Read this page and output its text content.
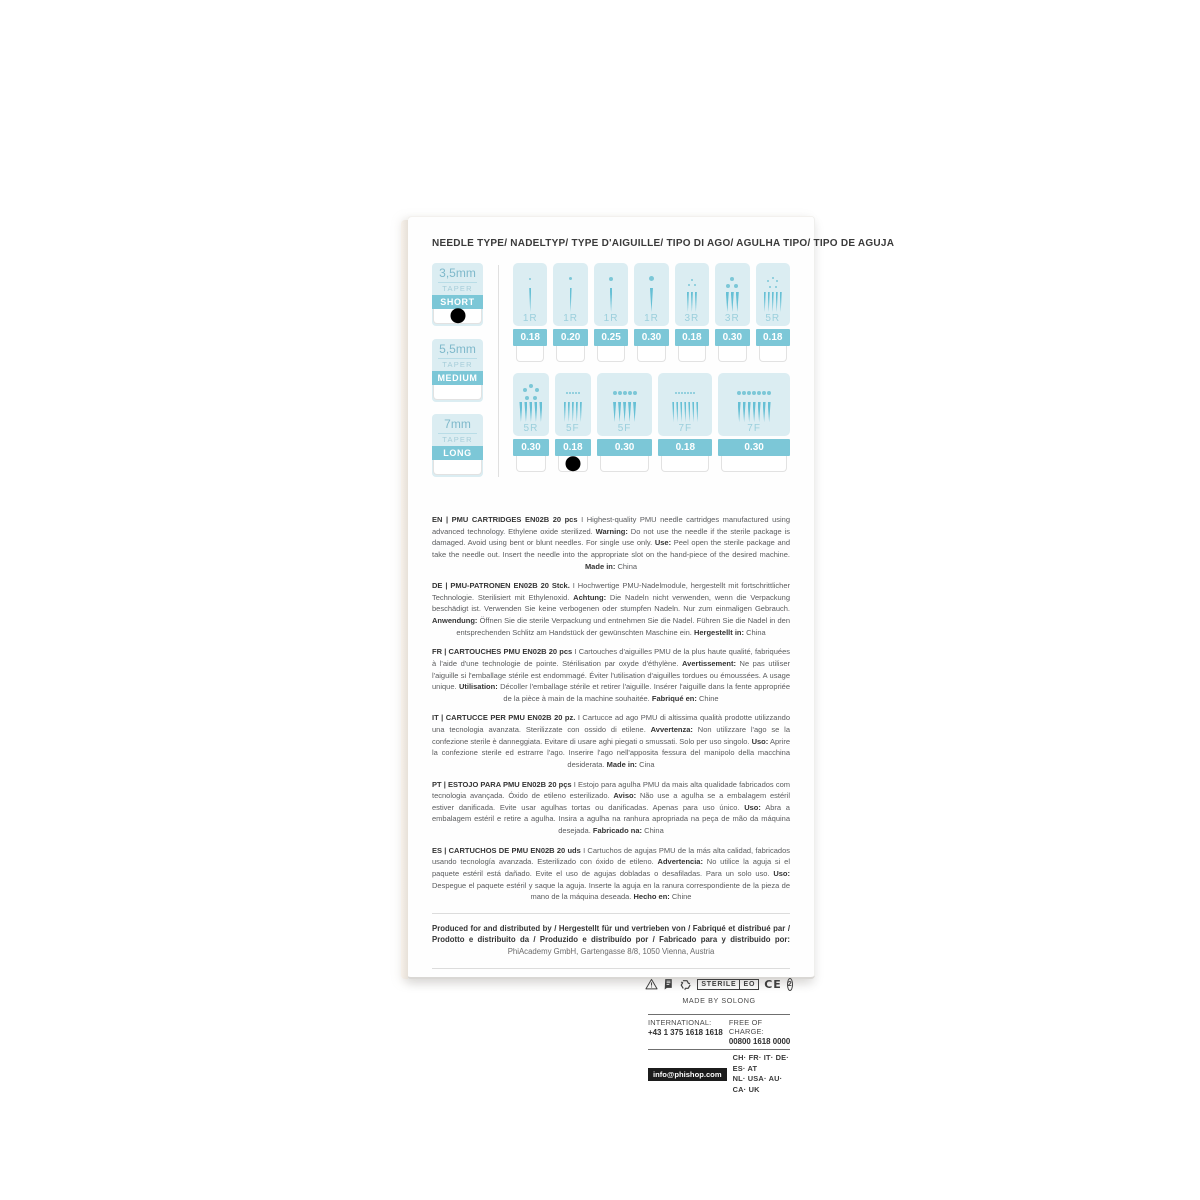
NEEDLE TYPE/ NADELTYP/ TYPE D'AIGUILLE/ TIPO DI AGO/ AGULHA TIPO/ TIPO DE AGUJA
3,5mm
TAPER
SHORT
5,5mm
TAPER
MEDIUM
7mm
TAPER
LONG
1R
0.18
1R
0.20
1R
0.25
1R
0.30
3R
0.18
3R
0.30
5R
0.18
5R
0.30
5F
0.18
5F
0.30
7F
0.18
7F
0.30

EN | PMU CARTRIDGES EN02B 20 pcs I Highest-quality PMU needle cartridges manufactured using advanced technology. Ethylene oxide sterilized. Warning: Do not use the needle if the sterile package is damaged. Avoid using bent or blunt needles. For single use only. Use: Peel open the sterile package and take the needle out. Insert the needle into the appropriate slot on the hand-piece of the desired machine. Made in: China

DE | PMU-PATRONEN EN02B 20 Stck. I Hochwertige PMU-Nadelmodule, hergestellt mit fortschrittlicher Technologie. Sterilisiert mit Ethylenoxid. Achtung: Die Nadeln nicht verwenden, wenn die Verpackung beschädigt ist. Verwenden Sie keine verbogenen oder stumpfen Nadeln. Nur zum einmaligen Gebrauch. Anwendung: Öffnen Sie die sterile Verpackung und entnehmen Sie die Nadel. Führen Sie die Nadel in den entsprechenden Schlitz am Handstück der gewünschten Maschine ein. Hergestellt in: China

FR | CARTOUCHES PMU EN02B 20 pcs I Cartouches d'aiguilles PMU de la plus haute qualité, fabriquées à l'aide d'une technologie de pointe. Stérilisation par oxyde d'éthylène. Avertissement: Ne pas utiliser l'aiguille si l'emballage stérile est endommagé. Éviter l'utilisation d'aiguilles tordues ou émoussées. A usage unique. Utilisation: Décoller l'emballage stérile et retirer l'aiguille. Insérer l'aiguille dans la fente appropriée de la pièce à main de la machine souhaitée. Fabriqué en: Chine

IT | CARTUCCE PER PMU EN02B 20 pz. I Cartucce ad ago PMU di altissima qualità prodotte utilizzando una tecnologia avanzata. Sterilizzate con ossido di etilene. Avvertenza: Non utilizzare l'ago se la confezione sterile è danneggiata. Evitare di usare aghi piegati o smussati. Solo per uso singolo. Uso: Aprire la confezione sterile ed estrarre l'ago. Inserire l'ago nell'apposita fessura del manipolo della macchina desiderata. Made in: Cina

PT | ESTOJO PARA PMU EN02B 20 pçs I Estojo para agulha PMU da mais alta qualidade fabricados com tecnologia avançada. Óxido de etileno esterilizado. Aviso: Não use a agulha se a embalagem estéril estiver danificada. Evite usar agulhas tortas ou danificadas. Apenas para uso único. Uso: Abra a embalagem estéril e retire a agulha. Insira a agulha na ranhura apropriada na peça de mão da máquina desejada. Fabricado na: China

ES | CARTUCHOS DE PMU EN02B 20 uds I Cartuchos de agujas PMU de la más alta calidad, fabricados usando tecnología avanzada. Esterilizado con óxido de etileno. Advertencia: No utilice la aguja si el paquete estéril está dañado. Evite el uso de agujas dobladas o desafiladas. Para un solo uso. Uso: Despegue el paquete estéril y saque la aguja. Inserte la aguja en la ranura correspondiente de la pieza de mano de la máquina deseada. Hecho en: Chine

Produced for and distributed by / Hergestellt für und vertrieben von / Fabriqué et distribué par / Prodotto e distribuito da / Produzido e distribuído por / Fabricado para y distribuido por: PhiAcademy GmbH, Gartengasse 8/8, 1050 Vienna, Austria

STERILE	EO CE 2
MADE BY SOLONG
INTERNATIONAL:
+43 1 375 1618 1618
FREE OF CHARGE:
00800 1618 0000
info@phishop.com
CH· FR· IT· DE· ES· AT
NL· USA· AU· CA· UK
